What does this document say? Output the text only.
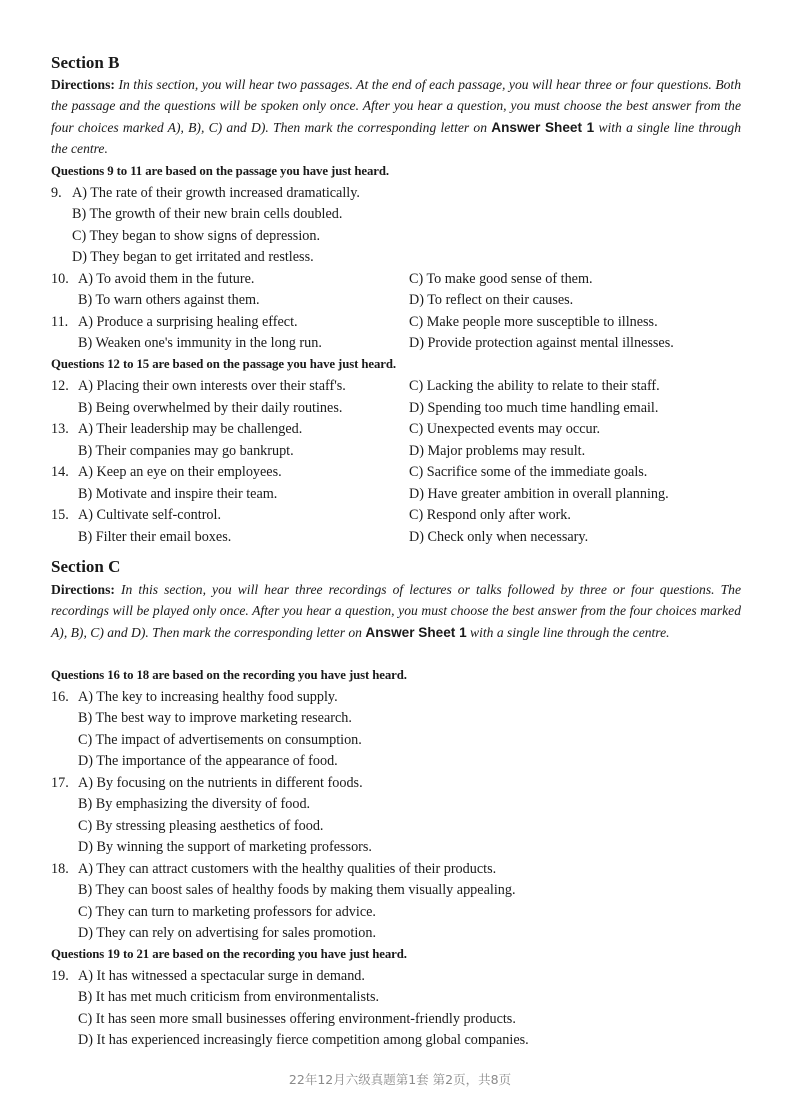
Section B
Directions: In this section, you will hear two passages. At the end of each passage, you will hear three or four questions. Both the passage and the questions will be spoken only once. After you hear a question, you must choose the best answer from the four choices marked A), B), C) and D). Then mark the corresponding letter on Answer Sheet 1 with a single line through the centre.
Questions 9 to 11 are based on the passage you have just heard.
9. A) The rate of their growth increased dramatically.
B) The growth of their new brain cells doubled.
C) They began to show signs of depression.
D) They began to get irritated and restless.
10. A) To avoid them in the future.	C) To make good sense of them.
B) To warn others against them.	D) To reflect on their causes.
11. A) Produce a surprising healing effect.	C) Make people more susceptible to illness.
B) Weaken one's immunity in the long run.	D) Provide protection against mental illnesses.
Questions 12 to 15 are based on the passage you have just heard.
12. A) Placing their own interests over their staff's.	C) Lacking the ability to relate to their staff.
B) Being overwhelmed by their daily routines.	D) Spending too much time handling email.
13. A) Their leadership may be challenged.	C) Unexpected events may occur.
B) Their companies may go bankrupt.	D) Major problems may result.
14. A) Keep an eye on their employees.	C) Sacrifice some of the immediate goals.
B) Motivate and inspire their team.	D) Have greater ambition in overall planning.
15. A) Cultivate self-control.	C) Respond only after work.
B) Filter their email boxes.	D) Check only when necessary.
Section C
Directions: In this section, you will hear three recordings of lectures or talks followed by three or four questions. The recordings will be played only once. After you hear a question, you must choose the best answer from the four choices marked A), B), C) and D). Then mark the corresponding letter on Answer Sheet 1 with a single line through the centre.
Questions 16 to 18 are based on the recording you have just heard.
16. A) The key to increasing healthy food supply.
B) The best way to improve marketing research.
C) The impact of advertisements on consumption.
D) The importance of the appearance of food.
17. A) By focusing on the nutrients in different foods.
B) By emphasizing the diversity of food.
C) By stressing pleasing aesthetics of food.
D) By winning the support of marketing professors.
18. A) They can attract customers with the healthy qualities of their products.
B) They can boost sales of healthy foods by making them visually appealing.
C) They can turn to marketing professors for advice.
D) They can rely on advertising for sales promotion.
Questions 19 to 21 are based on the recording you have just heard.
19. A) It has witnessed a spectacular surge in demand.
B) It has met much criticism from environmentalists.
C) It has seen more small businesses offering environment-friendly products.
D) It has experienced increasingly fierce competition among global companies.
22年12月六级真题第1套 第2页，共8页
